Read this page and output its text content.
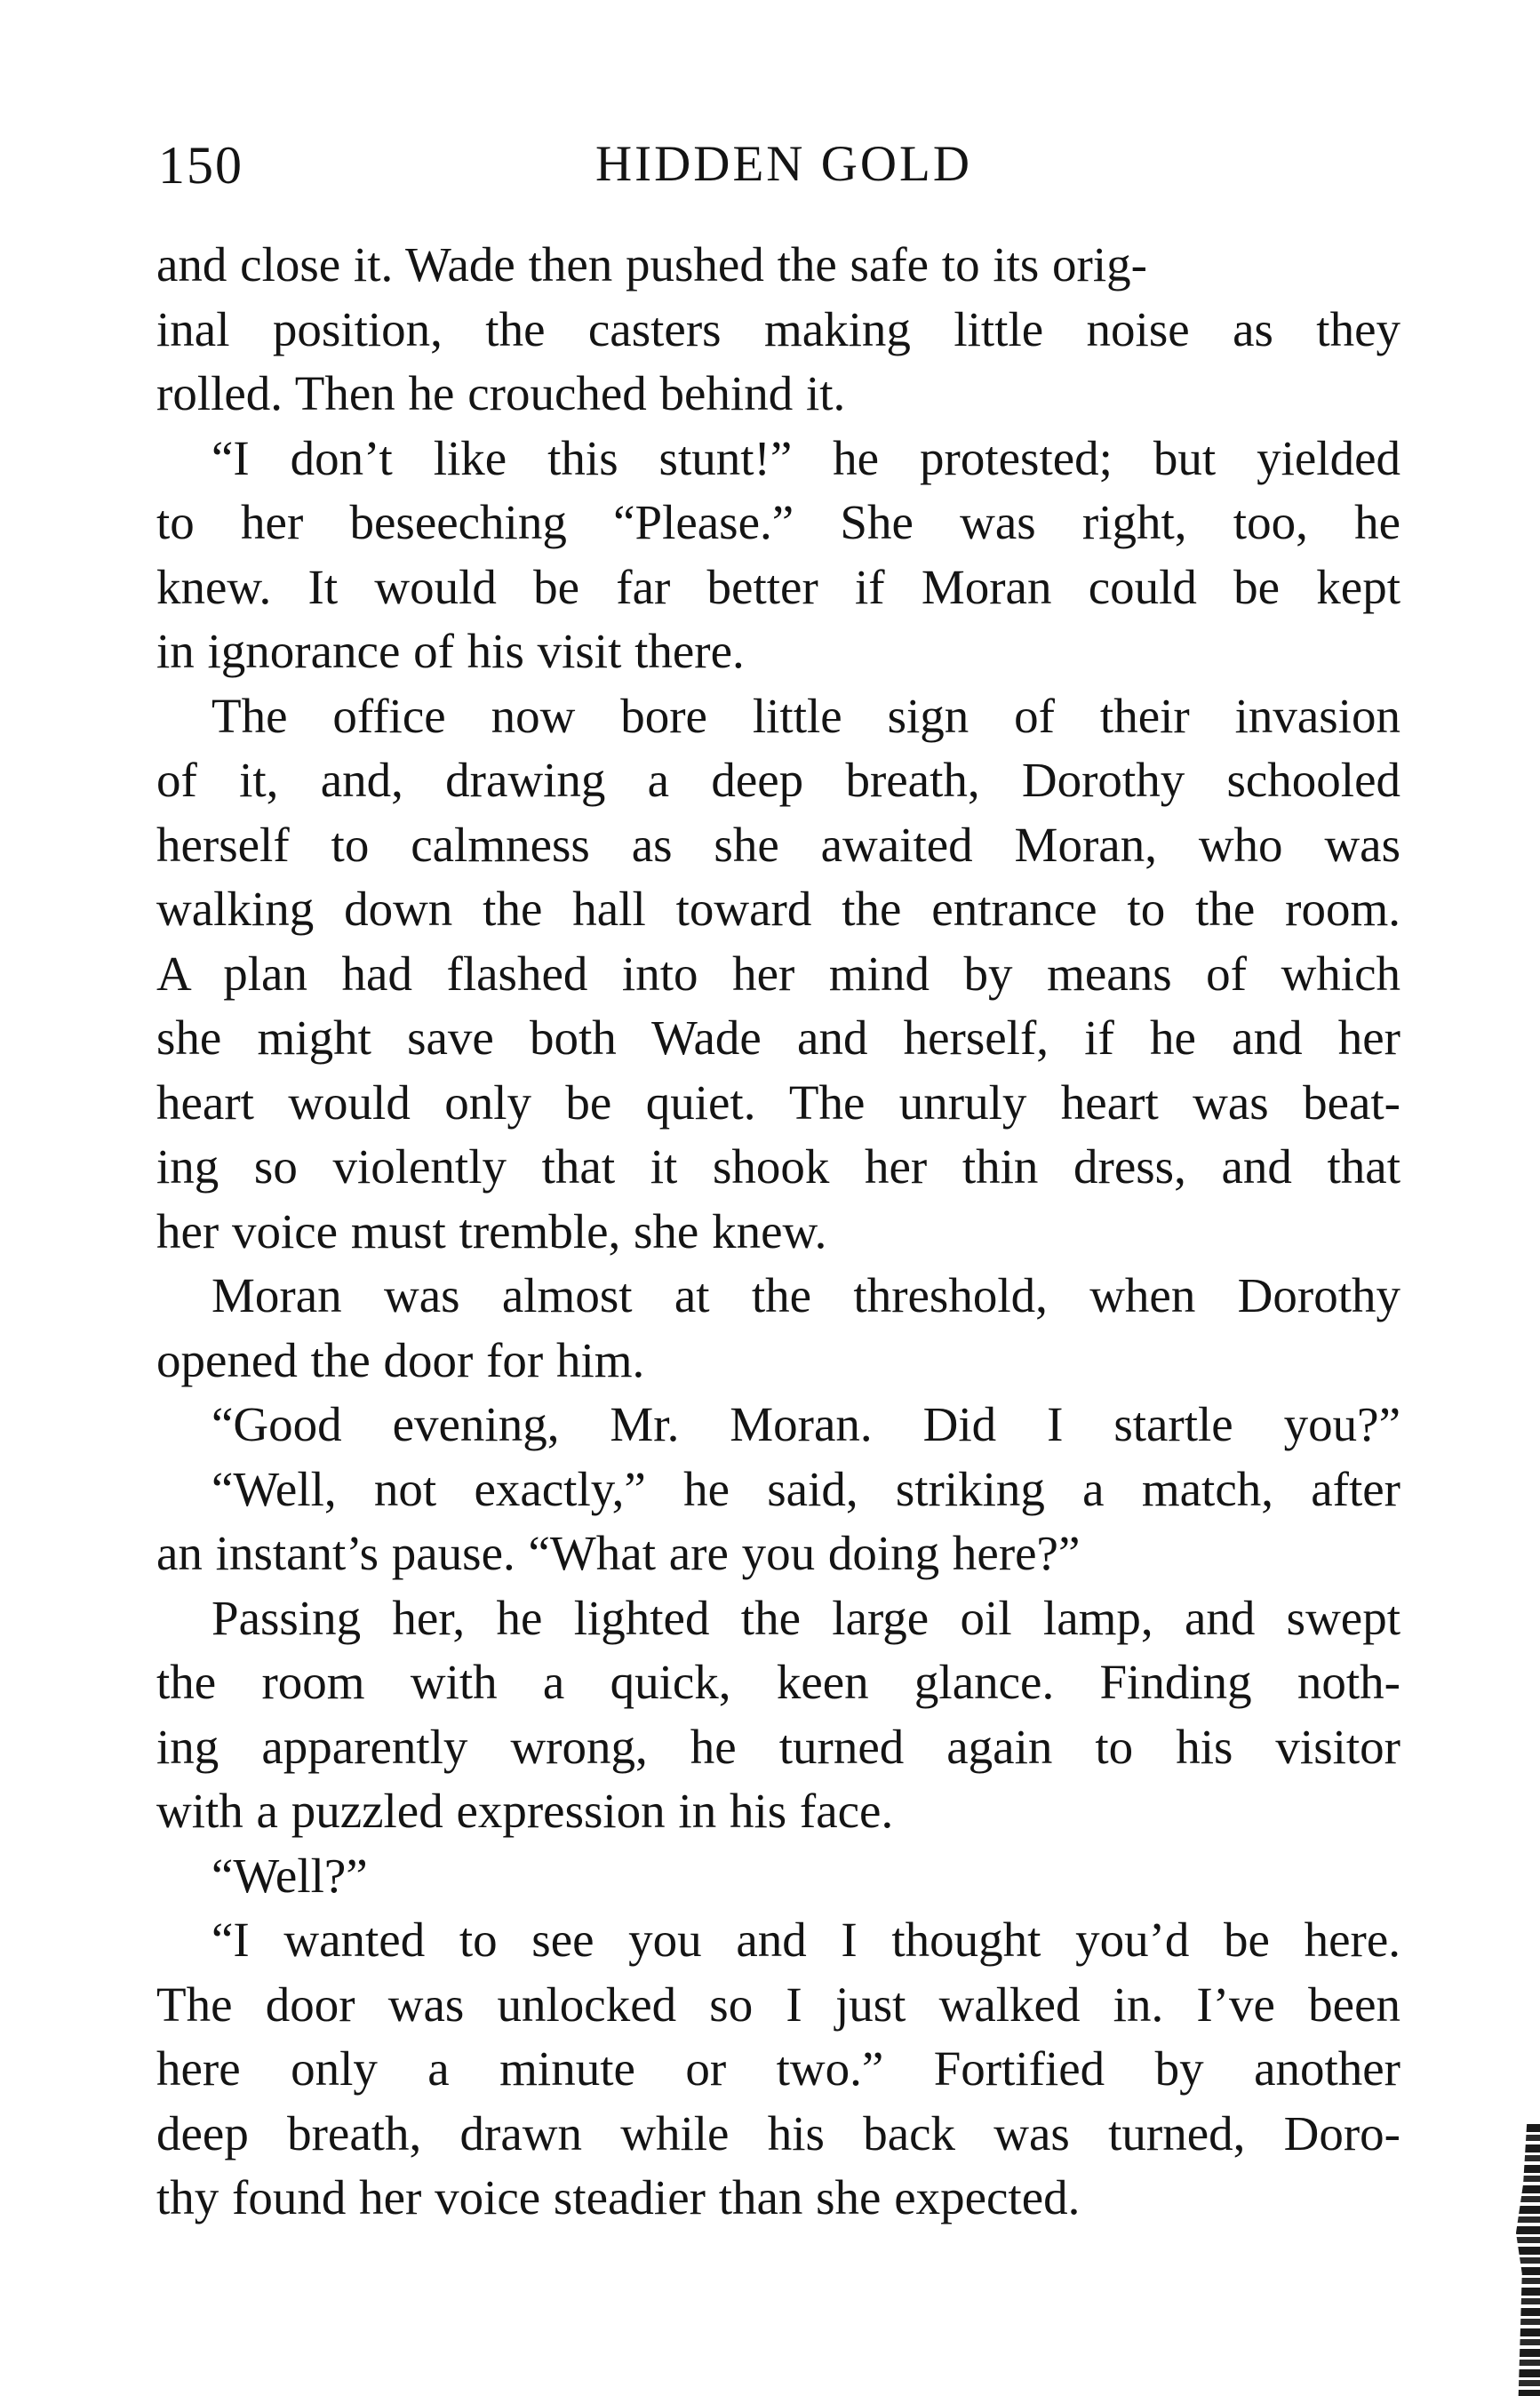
150	HIDDEN GOLD
and close it. Wade then pushed the safe to its orig-
inal position, the casters making little noise as they
rolled. Then he crouched behind it.
“I don’t like this stunt!” he protested; but yielded
to her beseeching “Please.” She was right, too, he
knew. It would be far better if Moran could be kept
in ignorance of his visit there.
The office now bore little sign of their invasion
of it, and, drawing a deep breath, Dorothy schooled
herself to calmness as she awaited Moran, who was
walking down the hall toward the entrance to the room.
A plan had flashed into her mind by means of which
she might save both Wade and herself, if he and her
heart would only be quiet. The unruly heart was beat-
ing so violently that it shook her thin dress, and that
her voice must tremble, she knew.
Moran was almost at the threshold, when Dorothy
opened the door for him.
“Good evening, Mr. Moran. Did I startle you?”
“Well, not exactly,” he said, striking a match, after
an instant’s pause. “What are you doing here?”
Passing her, he lighted the large oil lamp, and swept
the room with a quick, keen glance. Finding noth-
ing apparently wrong, he turned again to his visitor
with a puzzled expression in his face.
“Well?”
“I wanted to see you and I thought you’d be here.
The door was unlocked so I just walked in. I’ve been
here only a minute or two.” Fortified by another
deep breath, drawn while his back was turned, Doro-
thy found her voice steadier than she expected.
